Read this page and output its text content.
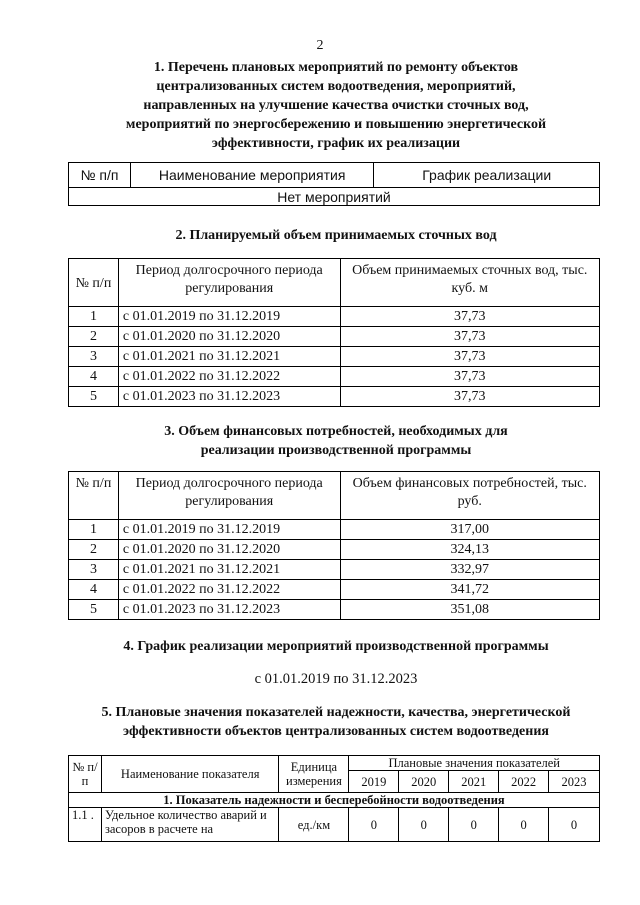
2
1. Перечень плановых мероприятий по ремонту объектов
централизованных систем водоотведения, мероприятий,
направленных на улучшение качества очистки сточных вод,
мероприятий по энергосбережению и повышению энергетической
эффективности, график их реализации
№ п/п	Наименование мероприятия	График реализации
Нет мероприятий
2. Планируемый объем принимаемых сточных вод
№ п/п	Период долгосрочного периода регулирования	Объем принимаемых сточных вод, тыс. куб. м
1	с 01.01.2019 по 31.12.2019	37,73
2	с 01.01.2020 по 31.12.2020	37,73
3	с 01.01.2021 по 31.12.2021	37,73
4	с 01.01.2022 по 31.12.2022	37,73
5	с 01.01.2023 по 31.12.2023	37,73
3. Объем финансовых потребностей, необходимых для
реализации производственной программы
№ п/п	Период долгосрочного периода регулирования	Объем финансовых потребностей, тыс. руб.
1	с 01.01.2019 по 31.12.2019	317,00
2	с 01.01.2020 по 31.12.2020	324,13
3	с 01.01.2021 по 31.12.2021	332,97
4	с 01.01.2022 по 31.12.2022	341,72
5	с 01.01.2023 по 31.12.2023	351,08
4. График реализации мероприятий производственной программы
с 01.01.2019 по 31.12.2023
5. Плановые значения показателей надежности, качества, энергетической
эффективности объектов централизованных систем водоотведения
№ п/п	Наименование показателя	Единица измерения	Плановые значения показателей				
			2019	2020	2021	2022	2023
1. Показатель надежности и бесперебойности водоотведения							
1.1 .	Удельное количество аварий и засоров в расчете на	ед./км	0	0	0	0	0
